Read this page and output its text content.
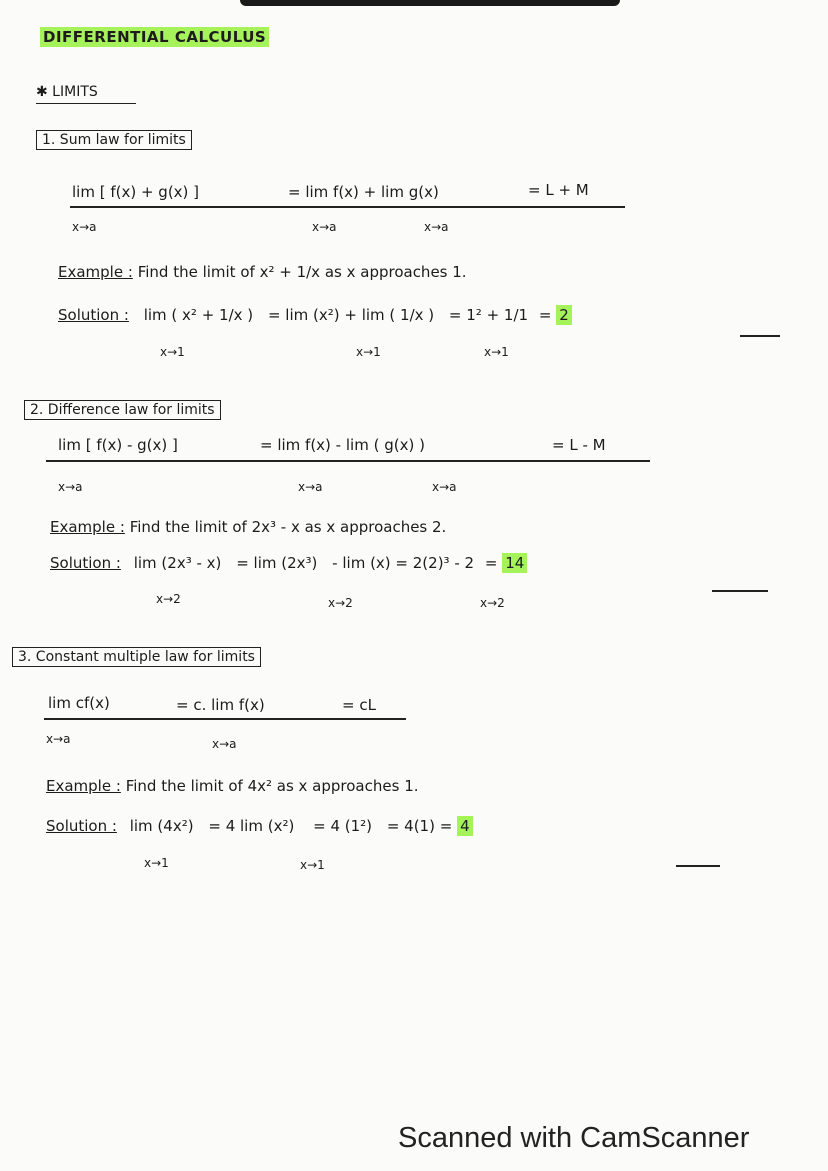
DIFFERENTIAL CALCULUS
✱ LIMITS
1. Sum law for limits
lim [ f(x) + g(x) ]	= lim f(x) + lim g(x)	= L + M
x→a	x→a	x→a
Example : Find the limit of x² + 1/x as x approaches 1.
Solution : lim ( x² + 1/x ) = lim (x²) + lim ( 1/x ) = 1² + 1/1 = 2
x→1	x→1	x→1
2. Difference law for limits
lim [ f(x) - g(x) ]	= lim f(x) - lim ( g(x) )	= L - M
x→a	x→a	x→a
Example : Find the limit of 2x³ - x as x approaches 2.
Solution : lim (2x³ - x) = lim (2x³) - lim (x) = 2(2)³ - 2 = 14
x→2	x→2	x→2
3. Constant multiple law for limits
lim cf(x)	= c. lim f(x)	= cL
x→a	x→a
Example : Find the limit of 4x² as x approaches 1.
Solution : lim (4x²) = 4 lim (x²) = 4 (1²) = 4(1) = 4
x→1	x→1
Scanned with CamScanner
